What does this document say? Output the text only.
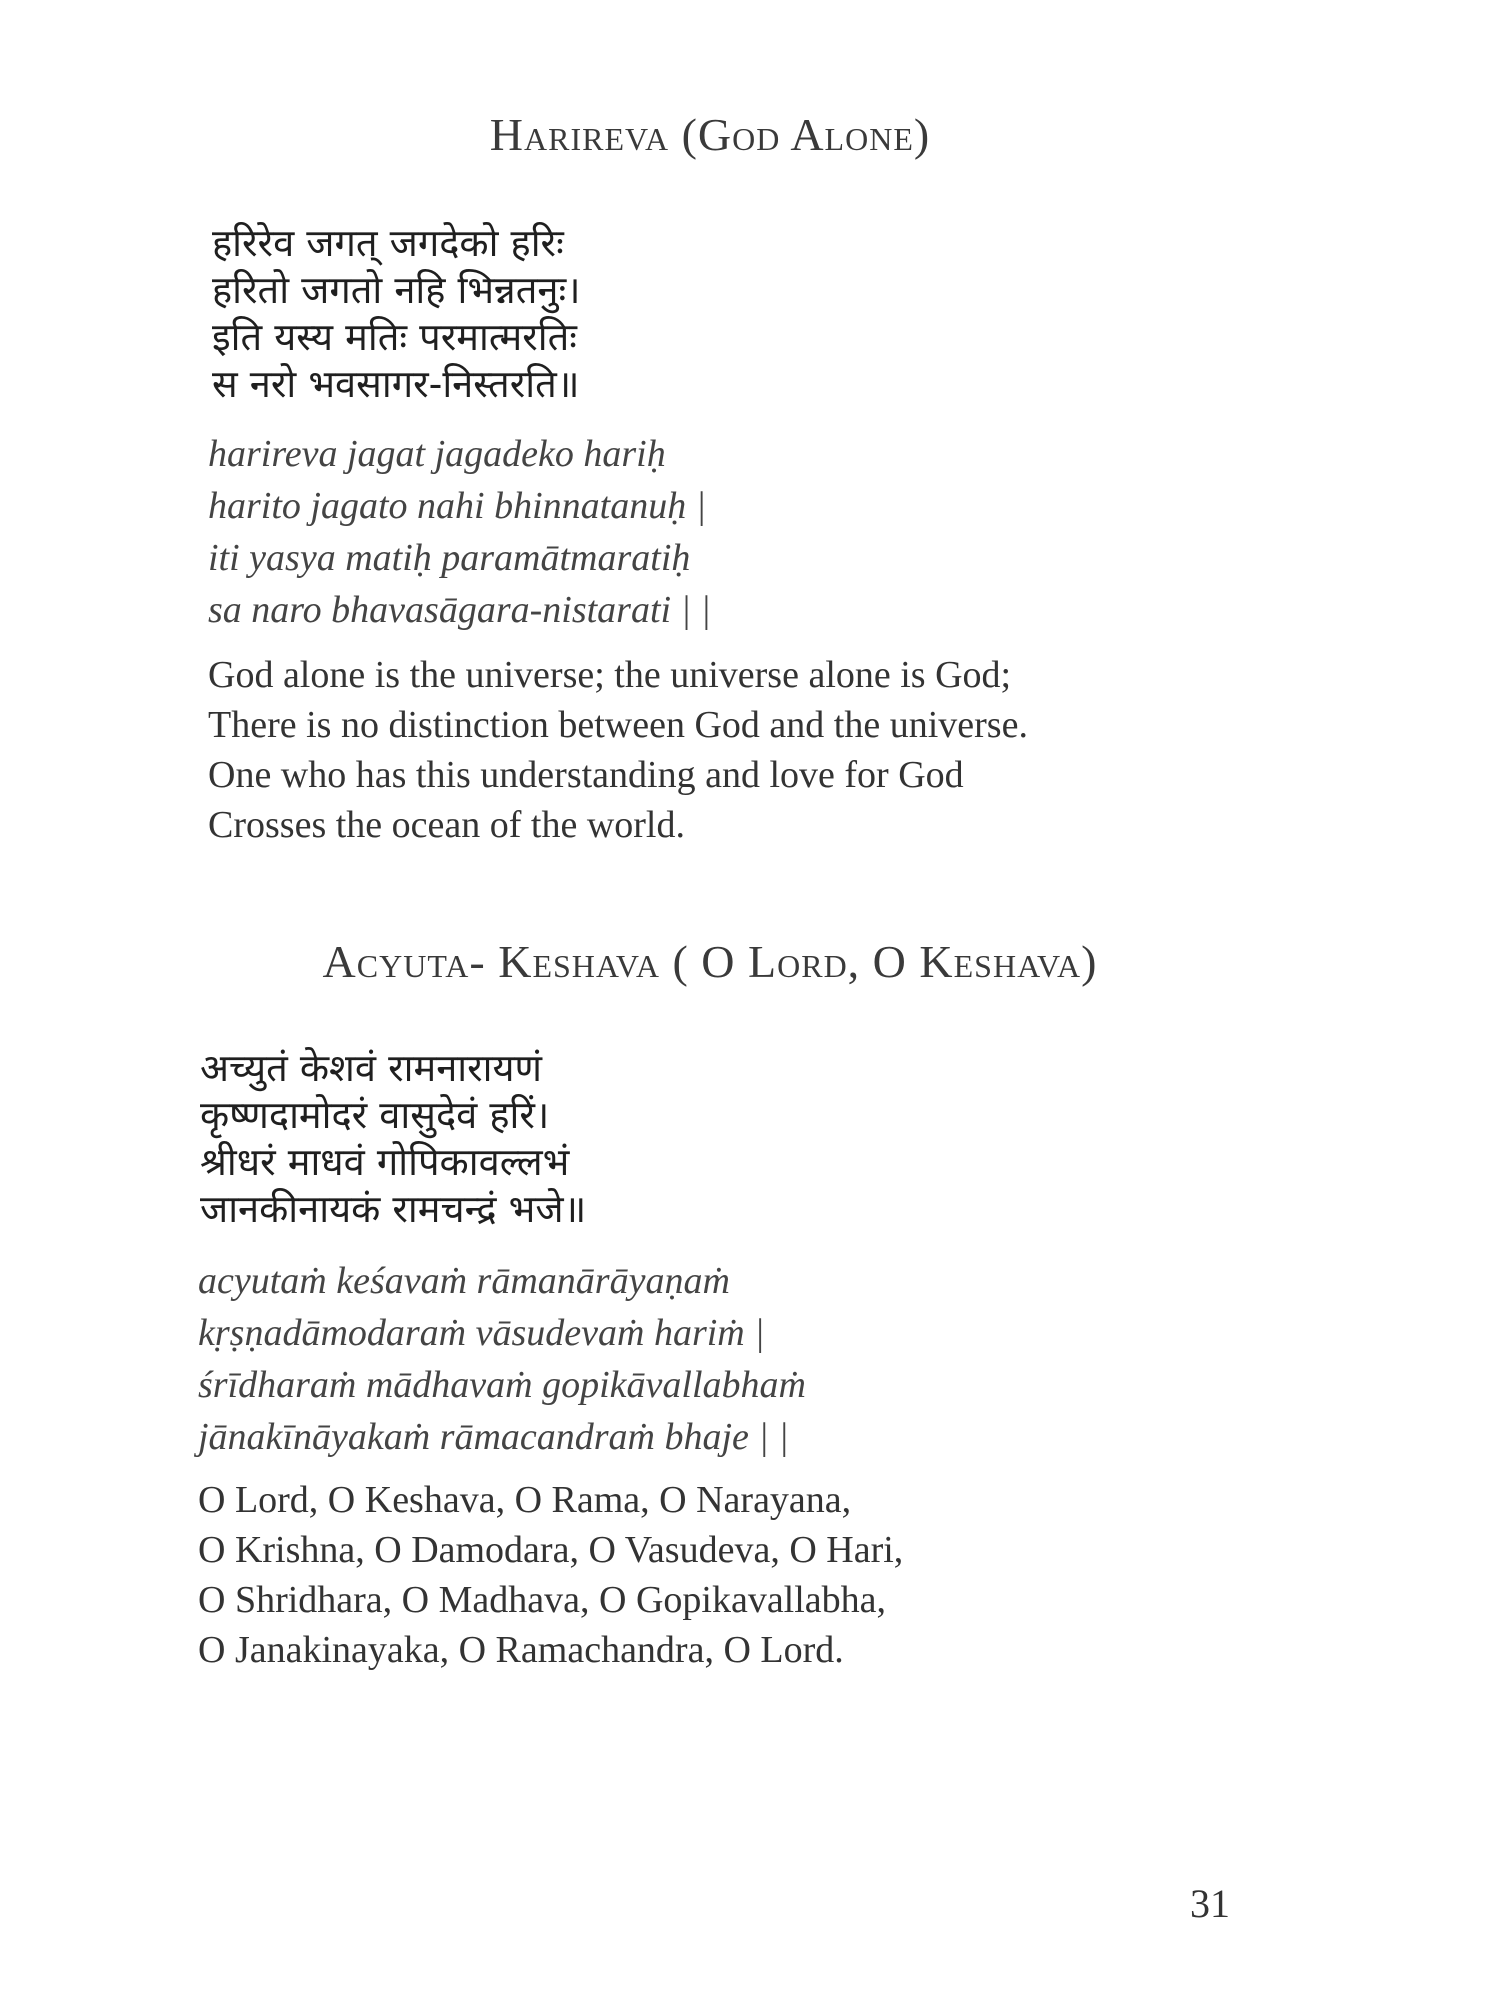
Harireva (God Alone)
हरिरेव जगत् जगदेको हरिः
हरितो जगतो नहि भिन्नतनुः।
इति यस्य मतिः परमात्मरतिः
स नरो भवसागर-निस्तरति॥
harireva jagat jagadeko hariḥ
harito jagato nahi bhinnatanuḥ |
iti yasya matiḥ paramātmaratiḥ
sa naro bhavasāgara-nistarati | |
God alone is the universe; the universe alone is God;
There is no distinction between God and the universe.
One who has this understanding and love for God
Crosses the ocean of the world.
Acyuta- Keshava ( O Lord, O Keshava)
अच्युतं केशवं रामनारायणं
कृष्णदामोदरं वासुदेवं हरिं।
श्रीधरं माधवं गोपिकावल्लभं
जानकीनायकं रामचन्द्रं भजे॥
acyutaṁ keśavaṁ rāmanārāyaṇaṁ
kṛṣṇadāmodaraṁ vāsudevaṁ hariṁ |
śrīdharaṁ mādhavaṁ gopikāvallabhaṁ
jānakīnāyakaṁ rāmacandraṁ bhaje | |
O Lord, O Keshava, O Rama, O Narayana,
O Krishna, O Damodara, O Vasudeva, O Hari,
O Shridhara, O Madhava, O Gopikavallabha,
O Janakinayaka, O Ramachandra, O Lord.
31
